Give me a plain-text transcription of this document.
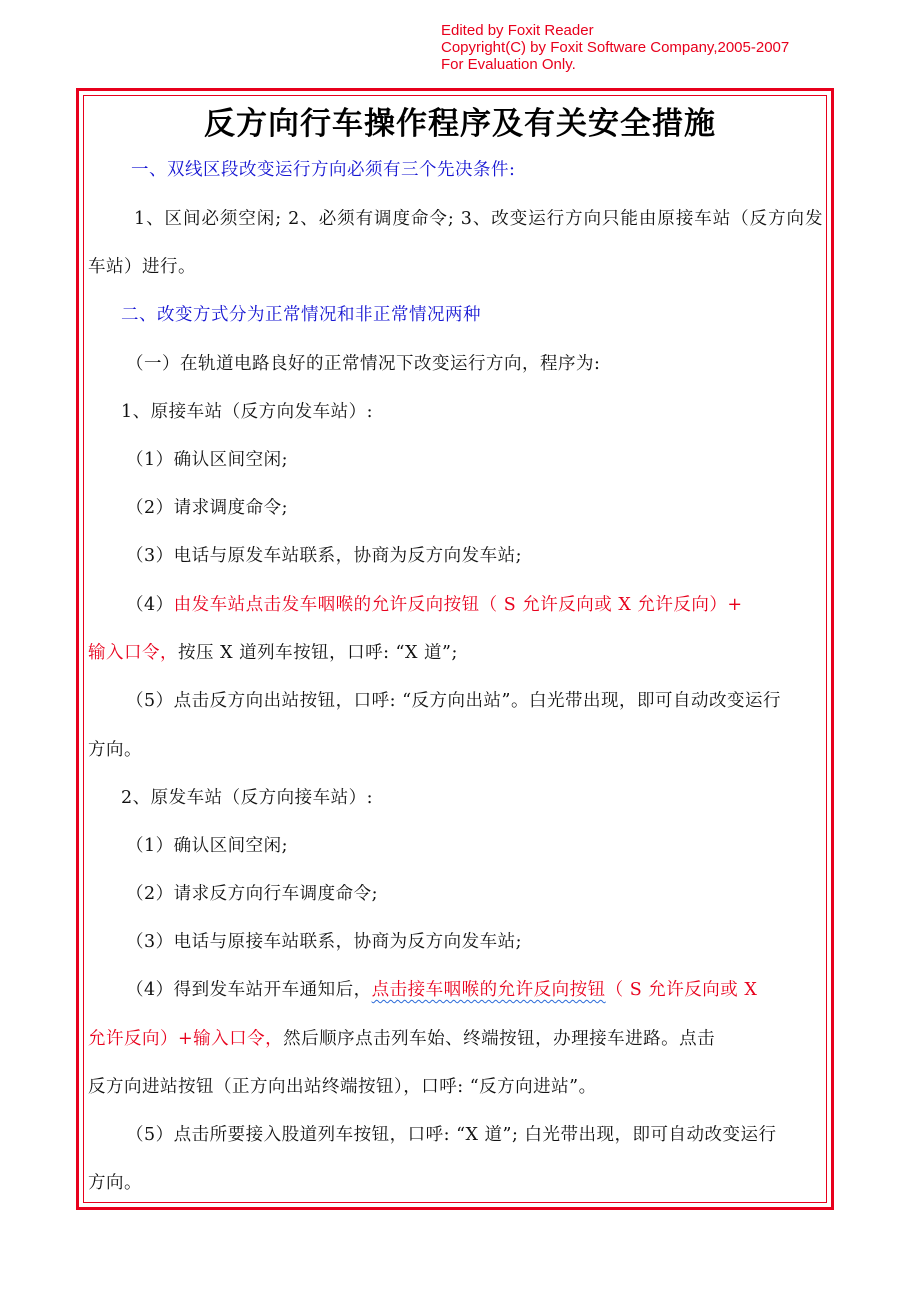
Edited by Foxit Reader
Copyright(C) by Foxit Software Company,2005-2007
For Evaluation Only.
反方向行车操作程序及有关安全措施
一、双线区段改变运行方向必须有三个先决条件:
1、区间必须空闲; 2、必须有调度命令; 3、改变运行方向只能由原接车站（反方向发
车站）进行。
二、改变方式分为正常情况和非正常情况两种
（一）在轨道电路良好的正常情况下改变运行方向，程序为:
1、原接车站（反方向发车站）:
（1）确认区间空闲;
（2）请求调度命令;
（3）电话与原发车站联系，协商为反方向发车站;
（4）由发车站点击发车咽喉的允许反向按钮（ S 允许反向或 X 允许反向）+
输入口令，按压 X 道列车按钮，口呼: “X 道”;
（5）点击反方向出站按钮，口呼: “反方向出站”。白光带出现，即可自动改变运行
方向。
2、原发车站（反方向接车站）:
（1）确认区间空闲;
（2）请求反方向行车调度命令;
（3）电话与原接车站联系，协商为反方向发车站;
（4）得到发车站开车通知后，点击接车咽喉的允许反向按钮（ S 允许反向或 X
允许反向）+输入口令，然后顺序点击列车始、终端按钮，办理接车进路。点击
反方向进站按钮（正方向出站终端按钮），口呼: “反方向进站”。
（5）点击所要接入股道列车按钮，口呼: “X 道”; 白光带出现，即可自动改变运行
方向。
